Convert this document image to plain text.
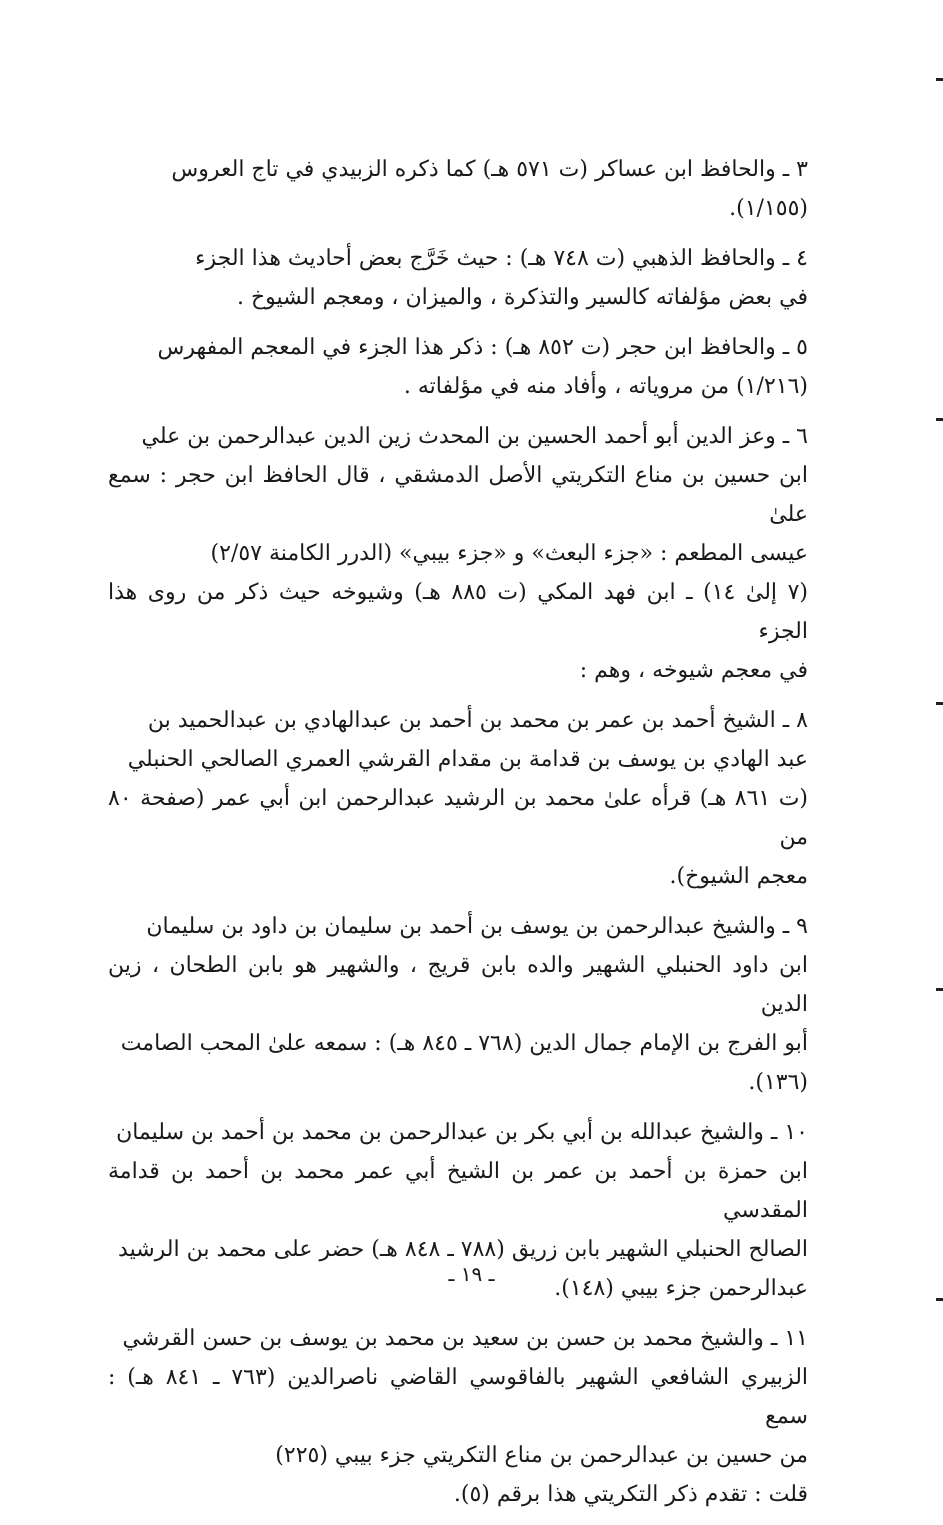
٣ ـ والحافظ ابن عساكر (ت ٥٧١ هـ) كما ذكره الزبيدي في تاج العروس

(١/١٥٥).

٤ ـ والحافظ الذهبي (ت ٧٤٨ هـ) : حيث خَرَّج بعض أحاديث هذا الجزء

في بعض مؤلفاته كالسير والتذكرة ، والميزان ، ومعجم الشيوخ .

٥ ـ والحافظ ابن حجر (ت ٨٥٢ هـ) : ذكر هذا الجزء في المعجم المفهرس

(١/٢١٦) من مروياته ، وأفاد منه في مؤلفاته .

٦ ـ وعز الدين أبو أحمد الحسين بن المحدث زين الدين عبدالرحمن بن علي

ابن حسين بن مناع التكريتي الأصل الدمشقي ، قال الحافظ ابن حجر : سمع علىٰ

عيسى المطعم : «جزء البعث» و «جزء بيبي» (الدرر الكامنة ٢/٥٧)

(٧ إلىٰ ١٤) ـ ابن فهد المكي (ت ٨٨٥ هـ) وشيوخه حيث ذكر من روى هذا الجزء

في معجم شيوخه ، وهم :

٨ ـ الشيخ أحمد بن عمر بن محمد بن أحمد بن عبدالهادي بن عبدالحميد بن

عبد الهادي بن يوسف بن قدامة بن مقدام القرشي العمري الصالحي الحنبلي

(ت ٨٦١ هـ) قرأه علىٰ محمد بن الرشيد عبدالرحمن ابن أبي عمر (صفحة ٨٠ من

معجم الشيوخ).

٩ ـ والشيخ عبدالرحمن بن يوسف بن أحمد بن سليمان بن داود بن سليمان

ابن داود الحنبلي الشهير والده بابن قريج ، والشهير هو بابن الطحان ، زين الدين

أبو الفرج بن الإمام جمال الدين (٧٦٨ ـ ٨٤٥ هـ) : سمعه علىٰ المحب الصامت

(١٣٦).

١٠ ـ والشيخ عبدالله بن أبي بكر بن عبدالرحمن بن محمد بن أحمد بن سليمان

ابن حمزة بن أحمد بن عمر بن الشيخ أبي عمر محمد بن أحمد بن قدامة المقدسي

الصالح الحنبلي الشهير بابن زريق (٧٨٨ ـ ٨٤٨ هـ) حضر على محمد بن الرشيد

عبدالرحمن جزء بيبي (١٤٨).

١١ ـ والشيخ محمد بن حسن بن سعيد بن محمد بن يوسف بن حسن القرشي

الزبيري الشافعي الشهير بالفاقوسي القاضي ناصرالدين (٧٦٣ ـ ٨٤١ هـ) : سمع

من حسين بن عبدالرحمن بن مناع التكريتي جزء بيبي (٢٢٥)

قلت : تقدم ذكر التكريتي هذا برقم (٥).

ـ ١٩ ـ
